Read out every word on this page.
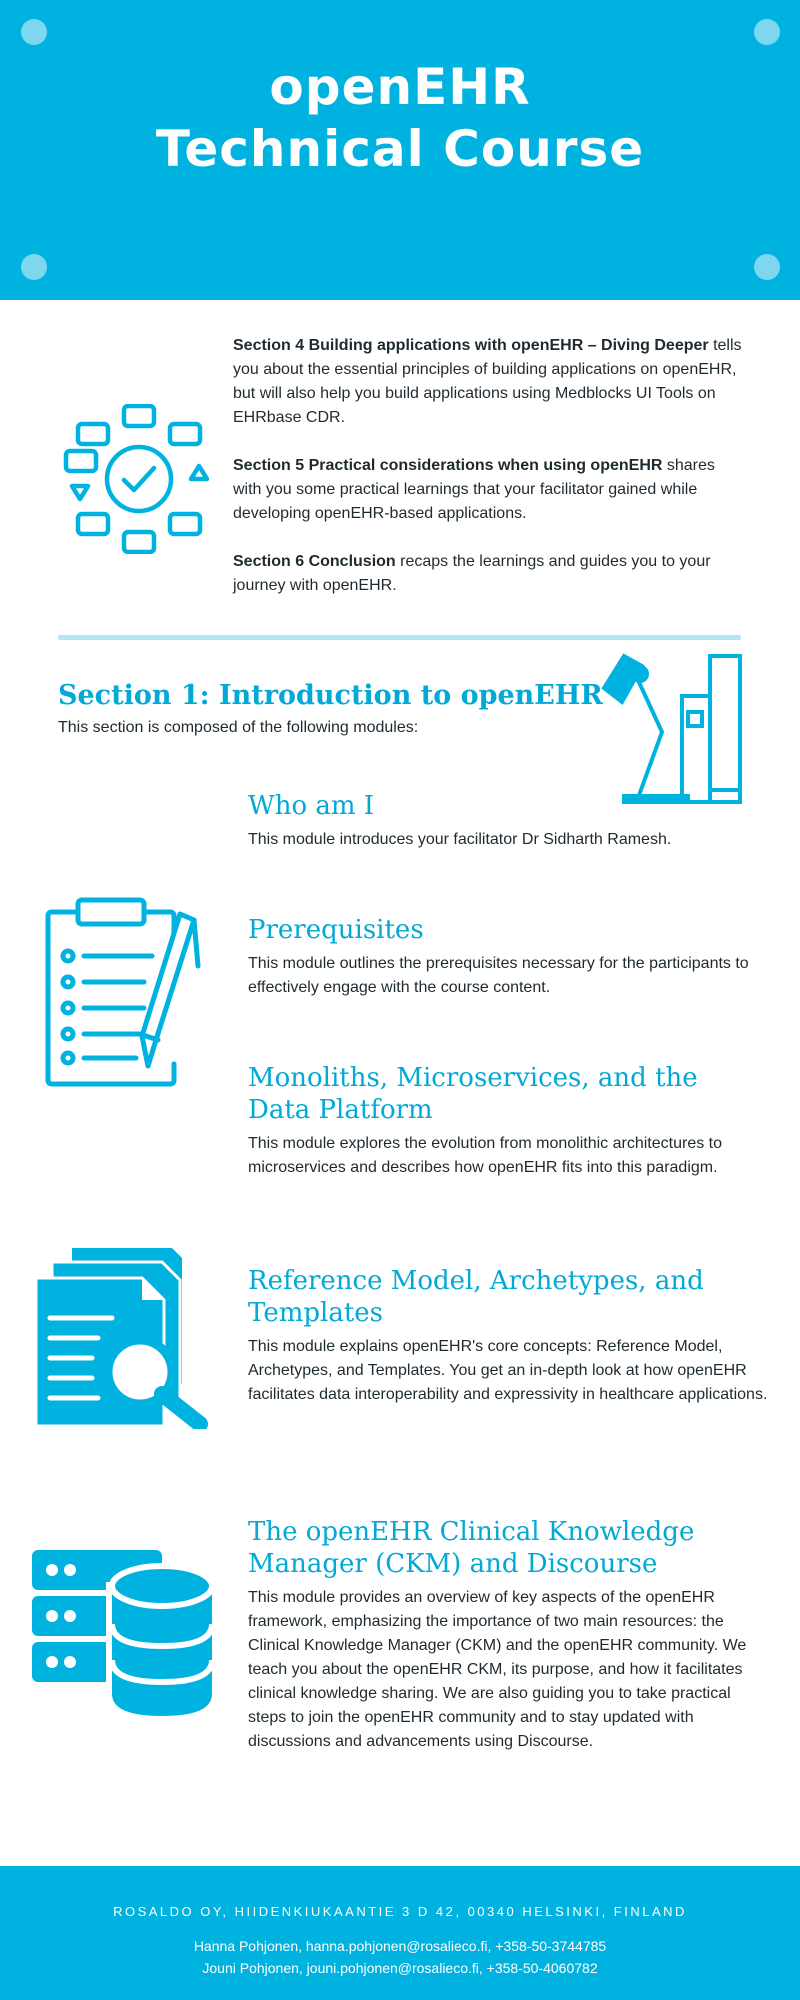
openEHR
Technical Course

Section 4 Building applications with openEHR – Diving Deeper tells you about the essential principles of building applications on openEHR, but will also help you build applications using Medblocks UI Tools on EHRbase CDR.

Section 5 Practical considerations when using openEHR shares with you some practical learnings that your facilitator gained while developing openEHR-based applications.

Section 6 Conclusion recaps the learnings and guides you to your journey with openEHR.

Section 1: Introduction to openEHR
This section is composed of the following modules:
Who am I

This module introduces your facilitator Dr Sidharth Ramesh.

Prerequisites

This module outlines the prerequisites necessary for the participants to effectively engage with the course content.

Monoliths, Microservices, and the Data Platform

This module explores the evolution from monolithic architectures to microservices and describes how openEHR fits into this paradigm.

Reference Model, Archetypes, and Templates

This module explains openEHR's core concepts: Reference Model, Archetypes, and Templates. You get an in-depth look at how openEHR facilitates data interoperability and expressivity in healthcare applications.

The openEHR Clinical Knowledge Manager (CKM) and Discourse

This module provides an overview of key aspects of the openEHR framework, emphasizing the importance of two main resources: the Clinical Knowledge Manager (CKM) and the openEHR community. We teach you about the openEHR CKM, its purpose, and how it facilitates clinical knowledge sharing. We are also guiding you to take practical steps to join the openEHR community and to stay updated with discussions and advancements using Discourse.

ROSALDO OY, HIIDENKIUKAANTIE 3 D 42, 00340 HELSINKI, FINLAND
Hanna Pohjonen, hanna.pohjonen@rosalieco.fi, +358-50-3744785
Jouni Pohjonen, jouni.pohjonen@rosalieco.fi, +358-50-4060782
